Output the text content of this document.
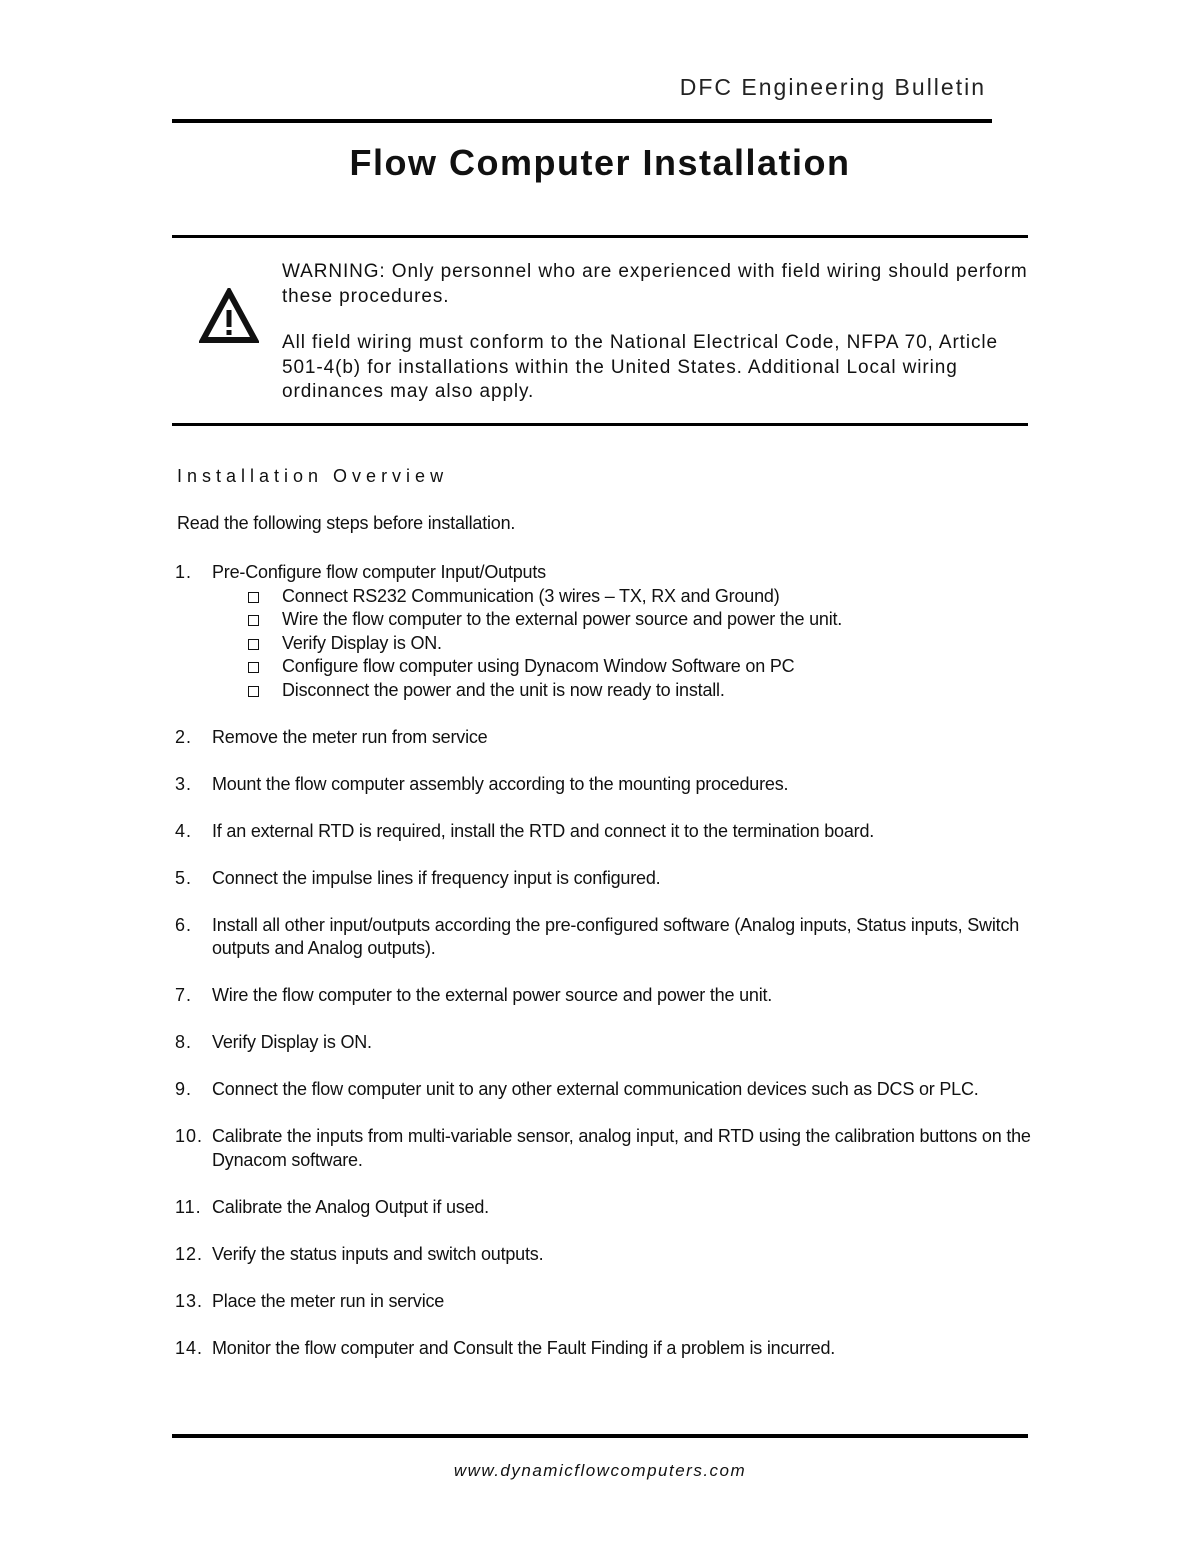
DFC Engineering Bulletin
Flow Computer Installation
WARNING: Only personnel who are experienced with field wiring should perform these procedures.
All field wiring must conform to the National Electrical Code, NFPA 70, Article 501-4(b) for installations within the United States. Additional Local wiring ordinances may also apply.
Installation Overview
Read the following steps before installation.
1. Pre-Configure flow computer Input/Outputs
Connect RS232 Communication (3 wires – TX, RX and Ground)
Wire the flow computer to the external power source and power the unit.
Verify Display is ON.
Configure flow computer using Dynacom Window Software on PC
Disconnect the power and the unit is now ready to install.
2. Remove the meter run from service
3. Mount the flow computer assembly according to the mounting procedures.
4. If an external RTD is required, install the RTD and connect it to the termination board.
5. Connect the impulse lines if frequency input is configured.
6. Install all other input/outputs according the pre-configured software (Analog inputs, Status inputs, Switch outputs and Analog outputs).
7. Wire the flow computer to the external power source and power the unit.
8. Verify Display is ON.
9. Connect the flow computer unit to any other external communication devices such as DCS or PLC.
10. Calibrate the inputs from multi-variable sensor, analog input, and RTD using the calibration buttons on the Dynacom software.
11. Calibrate the Analog Output if used.
12. Verify the status inputs and switch outputs.
13. Place the meter run in service
14. Monitor the flow computer and Consult the Fault Finding if a problem is incurred.
www.dynamicflowcomputers.com
